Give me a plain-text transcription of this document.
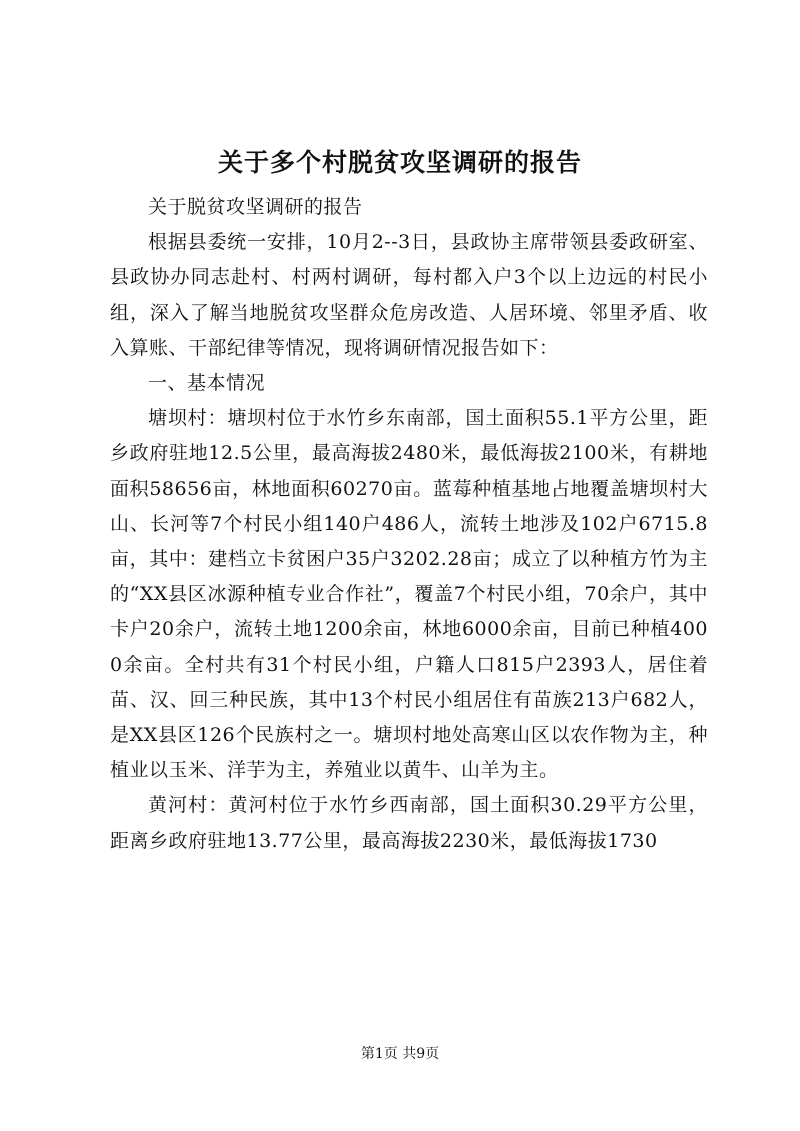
关于多个村脱贫攻坚调研的报告

关于脱贫攻坚调研的报告

根据县委统一安排，10月2--3日，县政协主席带领县委政研室、县政协办同志赴村、村两村调研，每村都入户3个以上边远的村民小组，深入了解当地脱贫攻坚群众危房改造、人居环境、邻里矛盾、收入算账、干部纪律等情况，现将调研情况报告如下：

一、基本情况

塘坝村：塘坝村位于水竹乡东南部，国土面积55.1平方公里，距乡政府驻地12.5公里，最高海拔2480米，最低海拔2100米，有耕地面积58656亩，林地面积60270亩。蓝莓种植基地占地覆盖塘坝村大山、长河等7个村民小组140户486人，流转土地涉及102户6715.8亩，其中：建档立卡贫困户35户3202.28亩；成立了以种植方竹为主的“XX县区冰源种植专业合作社”，覆盖7个村民小组，70余户，其中卡户20余户，流转土地1200余亩，林地6000余亩，目前已种植4000余亩。全村共有31个村民小组，户籍人口815户2393人，居住着苗、汉、回三种民族，其中13个村民小组居住有苗族213户682人，是XX县区126个民族村之一。塘坝村地处高寒山区以农作物为主，种植业以玉米、洋芋为主，养殖业以黄牛、山羊为主。

黄河村：黄河村位于水竹乡西南部，国土面积30.29平方公里，距离乡政府驻地13.77公里，最高海拔2230米，最低海拔1730

第1页 共9页
